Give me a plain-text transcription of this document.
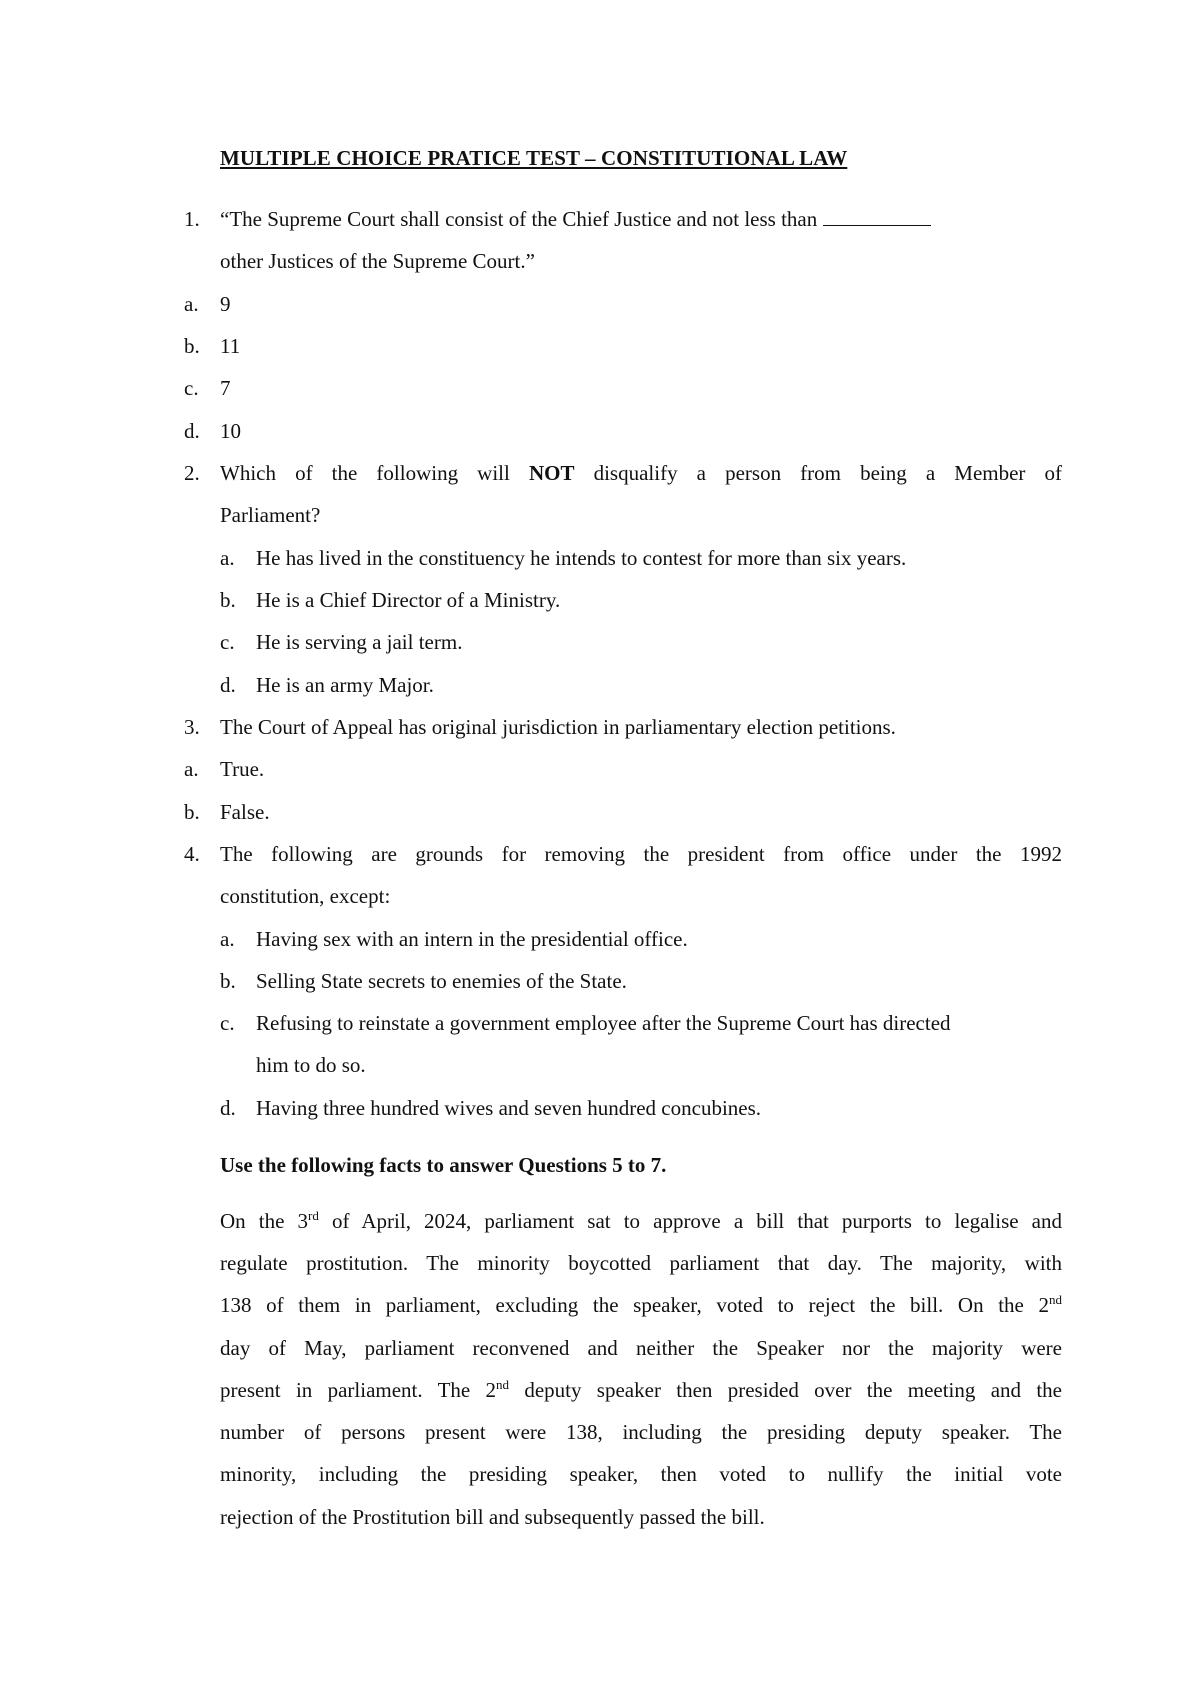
MULTIPLE CHOICE PRATICE TEST – CONSTITUTIONAL LAW
1. “The Supreme Court shall consist of the Chief Justice and not less than
other Justices of the Supreme Court.”
a. 9
b. 11
c. 7
d. 10
2. Which of the following will NOT disqualify a person from being a Member of
Parliament?
a. He has lived in the constituency he intends to contest for more than six years.
b. He is a Chief Director of a Ministry.
c. He is serving a jail term.
d. He is an army Major.
3. The Court of Appeal has original jurisdiction in parliamentary election petitions.
a. True.
b. False.
4. The following are grounds for removing the president from office under the 1992
constitution, except:
a. Having sex with an intern in the presidential office.
b. Selling State secrets to enemies of the State.
c. Refusing to reinstate a government employee after the Supreme Court has directed
him to do so.
d. Having three hundred wives and seven hundred concubines.
Use the following facts to answer Questions 5 to 7.
On the 3rd of April, 2024, parliament sat to approve a bill that purports to legalise and
regulate prostitution. The minority boycotted parliament that day. The majority, with
138 of them in parliament, excluding the speaker, voted to reject the bill. On the 2nd
day of May, parliament reconvened and neither the Speaker nor the majority were
present in parliament. The 2nd deputy speaker then presided over the meeting and the
number of persons present were 138, including the presiding deputy speaker. The
minority, including the presiding speaker, then voted to nullify the initial vote
rejection of the Prostitution bill and subsequently passed the bill.
